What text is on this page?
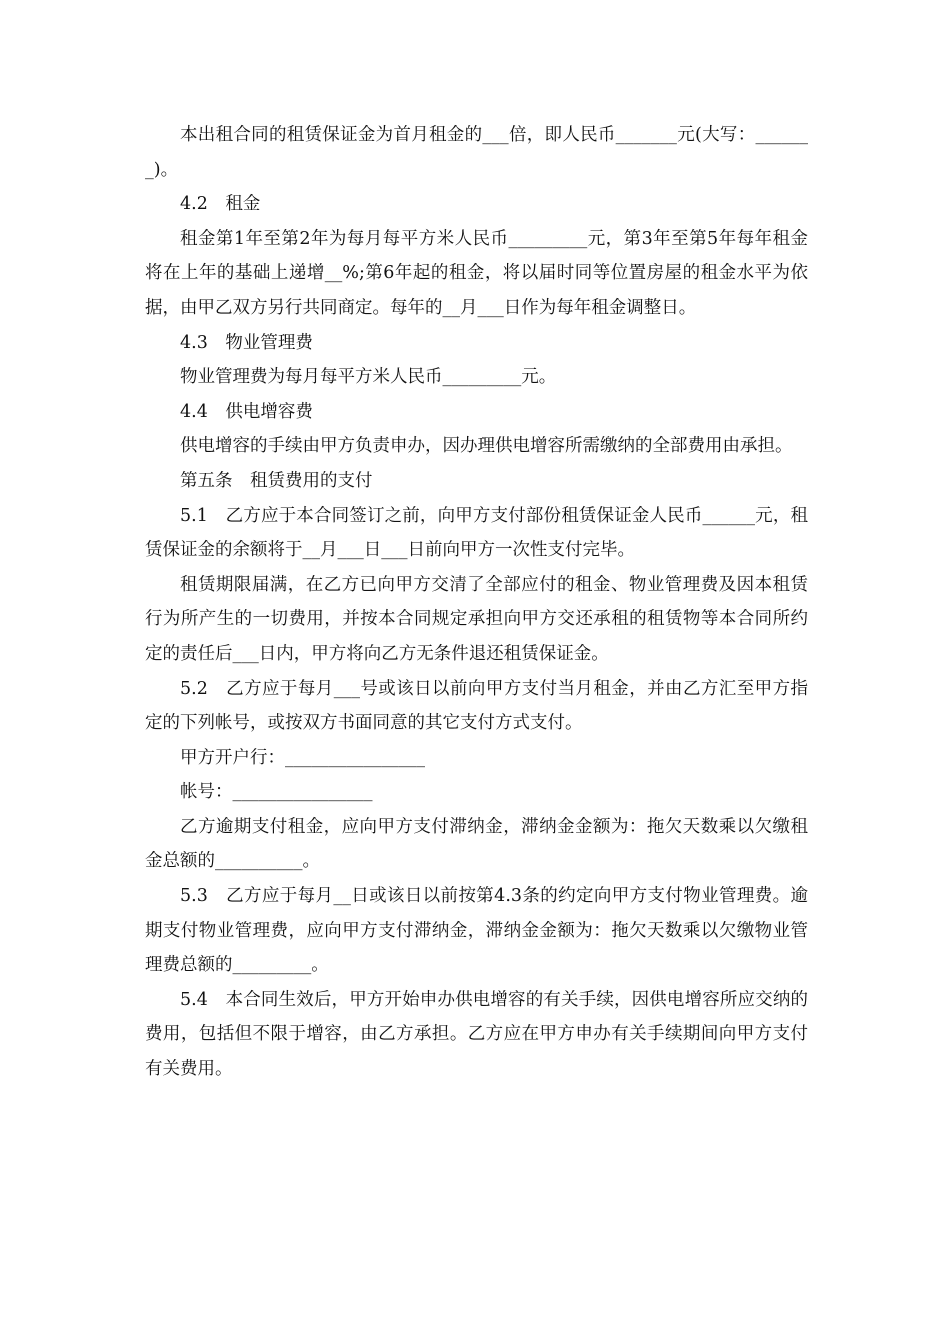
本出租合同的租赁保证金为首月租金的___倍，即人民币_______元(大写：_______)。

4.2　租金

租金第1年至第2年为每月每平方米人民币_________元，第3年至第5年每年租金将在上年的基础上递增__%;第6年起的租金，将以届时同等位置房屋的租金水平为依据，由甲乙双方另行共同商定。每年的__月___日作为每年租金调整日。

4.3　物业管理费

物业管理费为每月每平方米人民币_________元。

4.4　供电增容费

供电增容的手续由甲方负责申办，因办理供电增容所需缴纳的全部费用由承担。

第五条　租赁费用的支付

5.1　乙方应于本合同签订之前，向甲方支付部份租赁保证金人民币______元，租赁保证金的余额将于__月___日___日前向甲方一次性支付完毕。

租赁期限届满，在乙方已向甲方交清了全部应付的租金、物业管理费及因本租赁行为所产生的一切费用，并按本合同规定承担向甲方交还承租的租赁物等本合同所约定的责任后___日内，甲方将向乙方无条件退还租赁保证金。

5.2　乙方应于每月___号或该日以前向甲方支付当月租金，并由乙方汇至甲方指定的下列帐号，或按双方书面同意的其它支付方式支付。

甲方开户行：________________

帐号：________________

乙方逾期支付租金，应向甲方支付滞纳金，滞纳金金额为：拖欠天数乘以欠缴租金总额的__________。

5.3　乙方应于每月__日或该日以前按第4.3条的约定向甲方支付物业管理费。逾期支付物业管理费，应向甲方支付滞纳金，滞纳金金额为：拖欠天数乘以欠缴物业管理费总额的_________。

5.4　本合同生效后，甲方开始申办供电增容的有关手续，因供电增容所应交纳的费用，包括但不限于增容，由乙方承担。乙方应在甲方申办有关手续期间向甲方支付有关费用。
